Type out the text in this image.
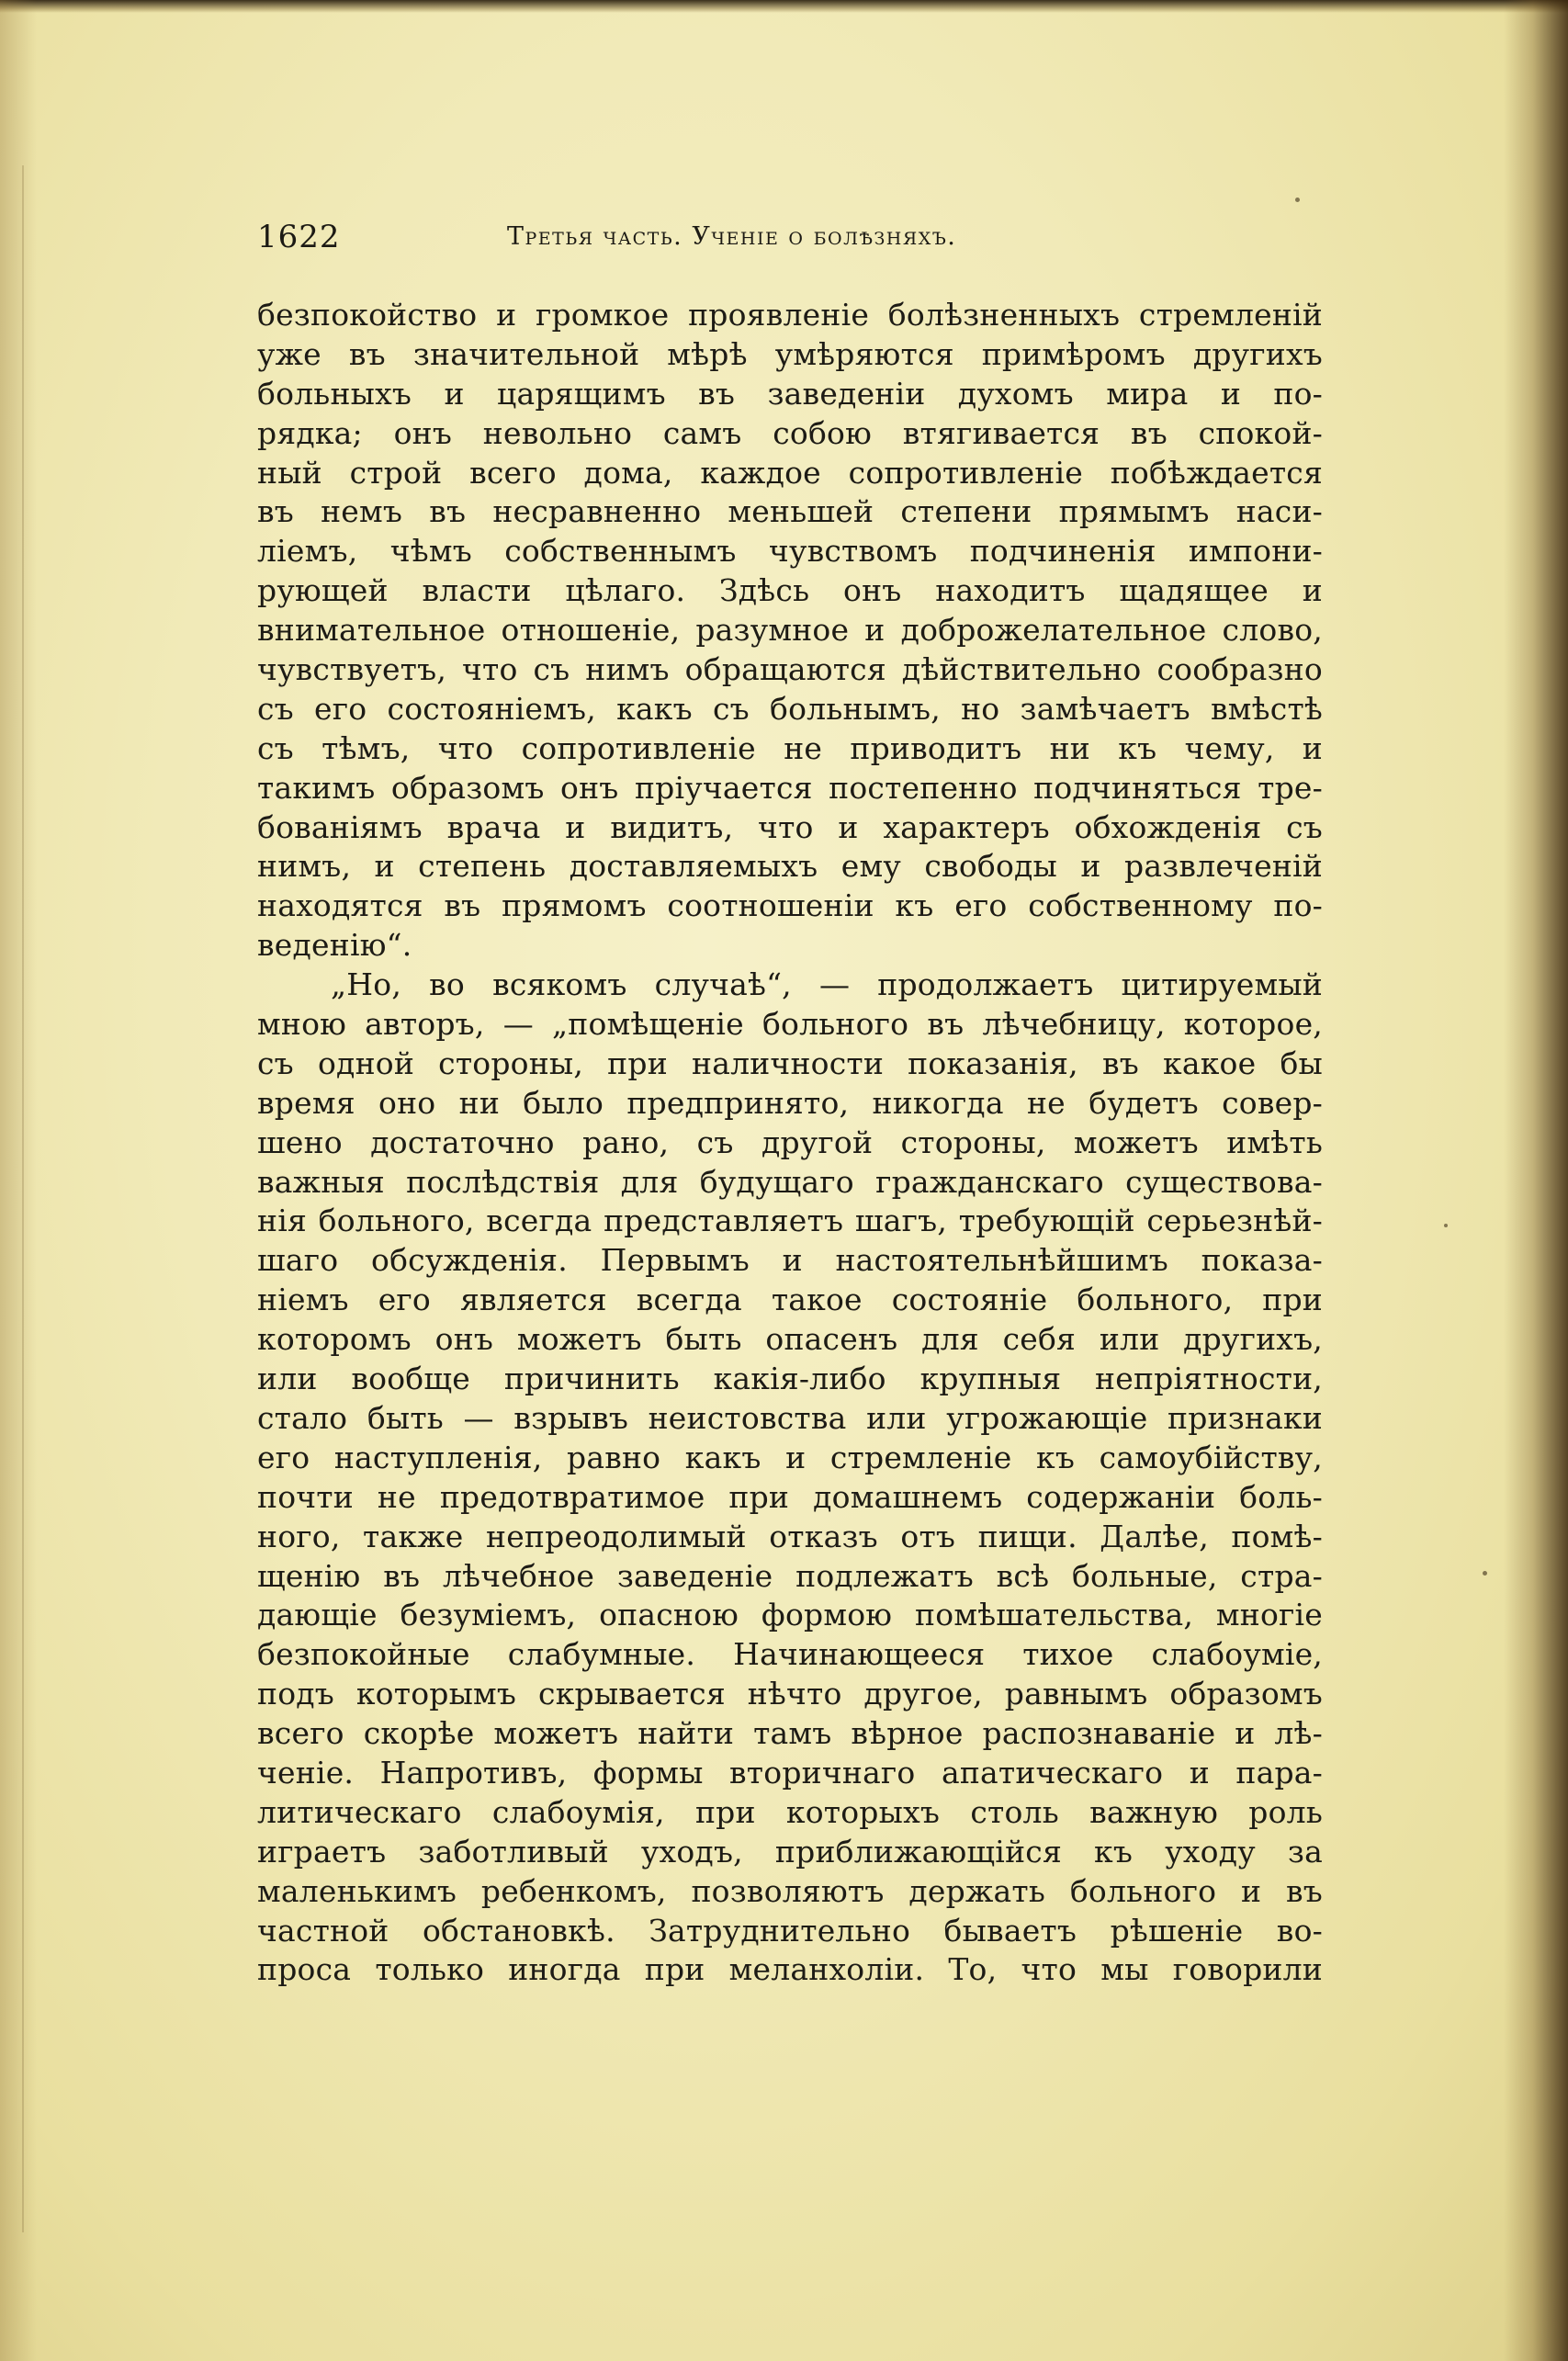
1622	Третья часть. Ученіе о болѣзняхъ.
безпокойство и громкое проявленіе болѣзненныхъ стремленій
уже въ значительной мѣрѣ умѣряются примѣромъ другихъ
больныхъ и царящимъ въ заведеніи духомъ мира и по-
рядка; онъ невольно самъ собою втягивается въ спокой-
ный строй всего дома, каждое сопротивленіе побѣждается
въ немъ въ несравненно меньшей степени прямымъ наси-
ліемъ, чѣмъ собственнымъ чувствомъ подчиненія импони-
рующей власти цѣлаго. Здѣсь онъ находитъ щадящее и
внимательное отношеніе, разумное и доброжелательное слово,
чувствуетъ, что съ нимъ обращаются дѣйствительно сообразно
съ его состояніемъ, какъ съ больнымъ, но замѣчаетъ вмѣстѣ
съ тѣмъ, что сопротивленіе не приводитъ ни къ чему, и
такимъ образомъ онъ пріучается постепенно подчиняться тре-
бованіямъ врача и видитъ, что и характеръ обхожденія съ
нимъ, и степень доставляемыхъ ему свободы и развлеченій
находятся въ прямомъ соотношеніи къ его собственному по-
веденію“.
„Но, во всякомъ случаѣ“, — продолжаетъ цитируемый
мною авторъ, — „помѣщеніе больного въ лѣчебницу, которое,
съ одной стороны, при наличности показанія, въ какое бы
время оно ни было предпринято, никогда не будетъ совер-
шено достаточно рано, съ другой стороны, можетъ имѣть
важныя послѣдствія для будущаго гражданскаго существова-
нія больного, всегда представляетъ шагъ, требующій серьезнѣй-
шаго обсужденія. Первымъ и настоятельнѣйшимъ показа-
ніемъ его является всегда такое состояніе больного, при
которомъ онъ можетъ быть опасенъ для себя или другихъ,
или вообще причинить какія-либо крупныя непріятности,
стало быть — взрывъ неистовства или угрожающіе признаки
его наступленія, равно какъ и стремленіе къ самоубійству,
почти не предотвратимое при домашнемъ содержаніи боль-
ного, также непреодолимый отказъ отъ пищи. Далѣе, помѣ-
щенію въ лѣчебное заведеніе подлежатъ всѣ больные, стра-
дающіе безуміемъ, опасною формою помѣшательства, многіе
безпокойные слабумные. Начинающееся тихое слабоуміе,
подъ которымъ скрывается нѣчто другое, равнымъ образомъ
всего скорѣе можетъ найти тамъ вѣрное распознаваніе и лѣ-
ченіе. Напротивъ, формы вторичнаго апатическаго и пара-
литическаго слабоумія, при которыхъ столь важную роль
играетъ заботливый уходъ, приближающійся къ уходу за
маленькимъ ребенкомъ, позволяютъ держать больного и въ
частной обстановкѣ. Затруднительно бываетъ рѣшеніе во-
проса только иногда при меланхоліи. То, что мы говорили
